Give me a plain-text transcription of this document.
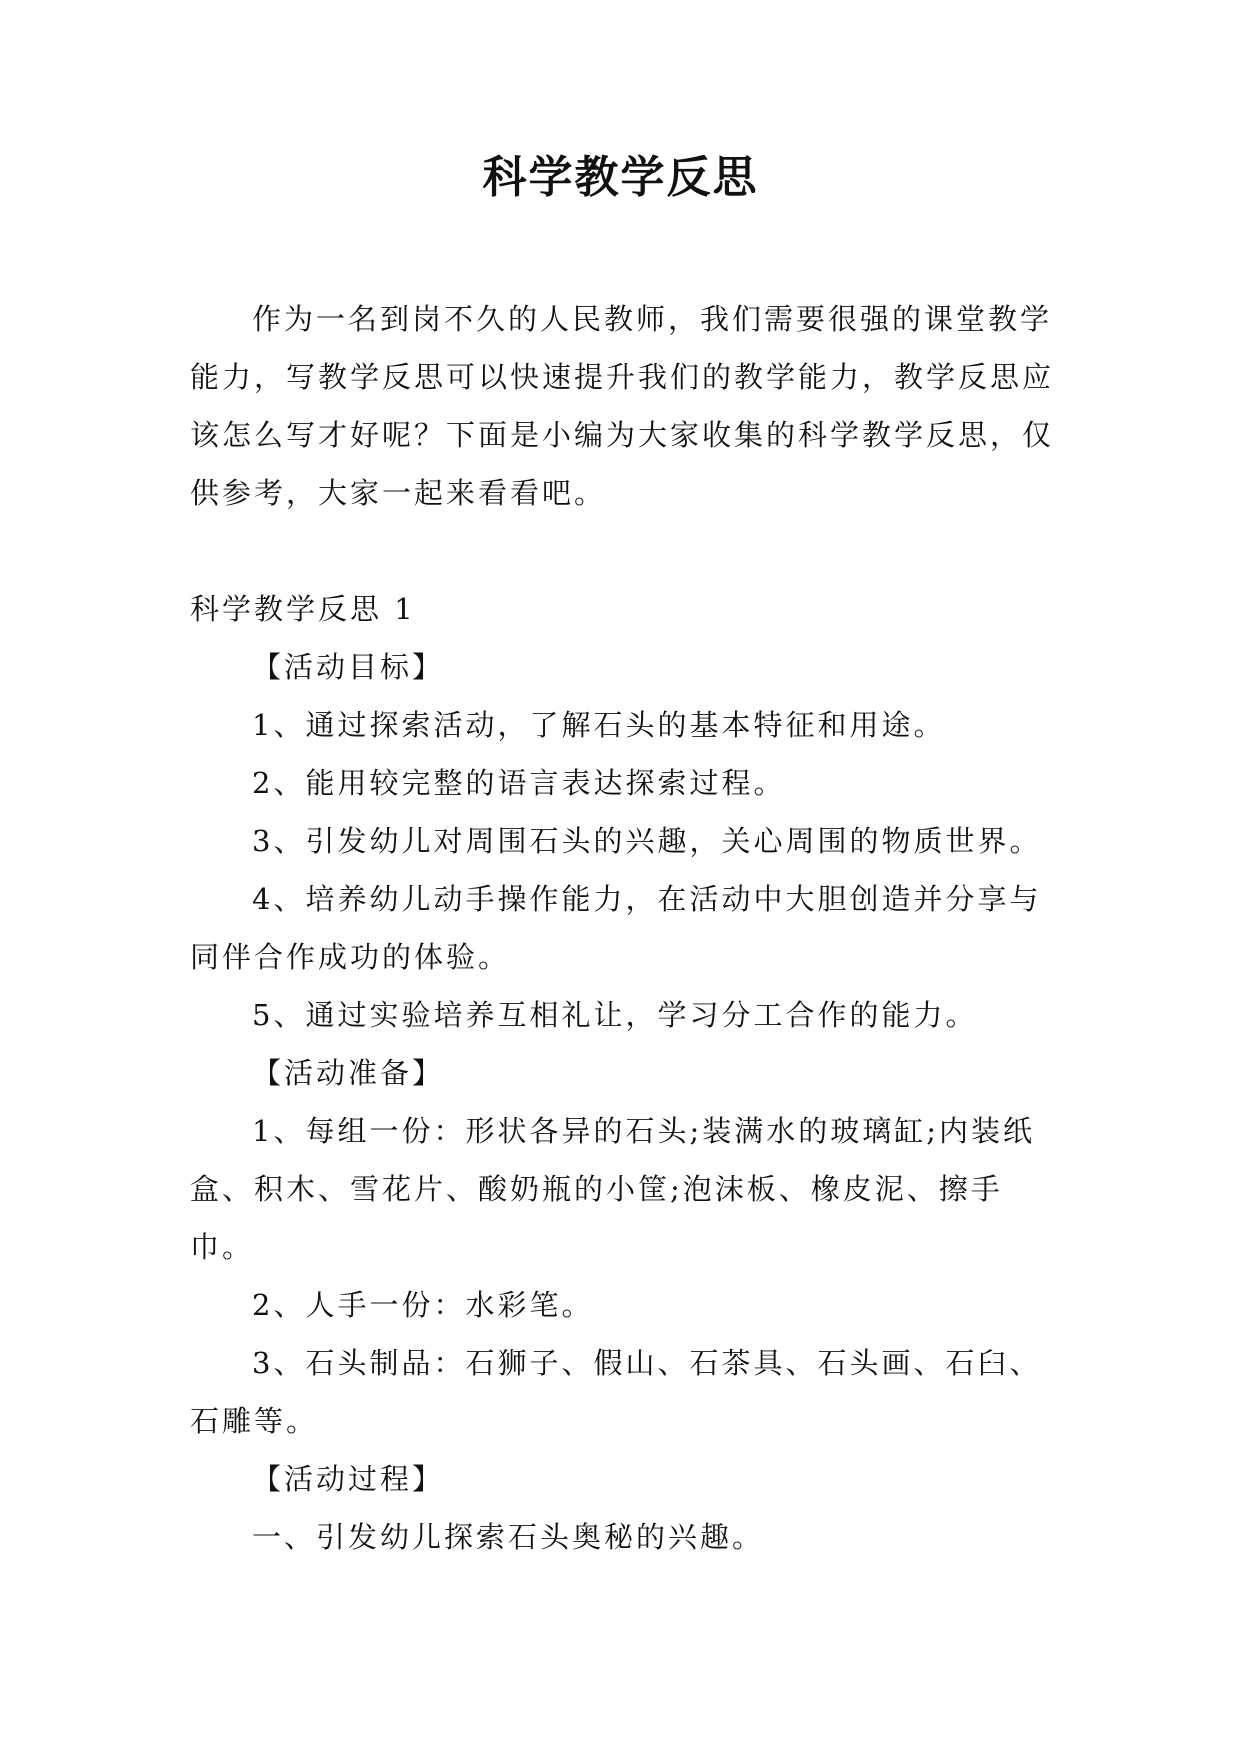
科学教学反思

作为一名到岗不久的人民教师，我们需要很强的课堂教学能力，写教学反思可以快速提升我们的教学能力，教学反思应该怎么写才好呢？下面是小编为大家收集的科学教学反思，仅供参考，大家一起来看看吧。

科学教学反思 1

【活动目标】

1、通过探索活动，了解石头的基本特征和用途。

2、能用较完整的语言表达探索过程。

3、引发幼儿对周围石头的兴趣，关心周围的物质世界。

4、培养幼儿动手操作能力，在活动中大胆创造并分享与同伴合作成功的体验。

5、通过实验培养互相礼让，学习分工合作的能力。

【活动准备】

1、每组一份：形状各异的石头;装满水的玻璃缸;内装纸盒、积木、雪花片、酸奶瓶的小筐;泡沫板、橡皮泥、擦手巾。

2、人手一份：水彩笔。

3、石头制品：石狮子、假山、石茶具、石头画、石臼、石雕等。

【活动过程】

一、引发幼儿探索石头奥秘的兴趣。
